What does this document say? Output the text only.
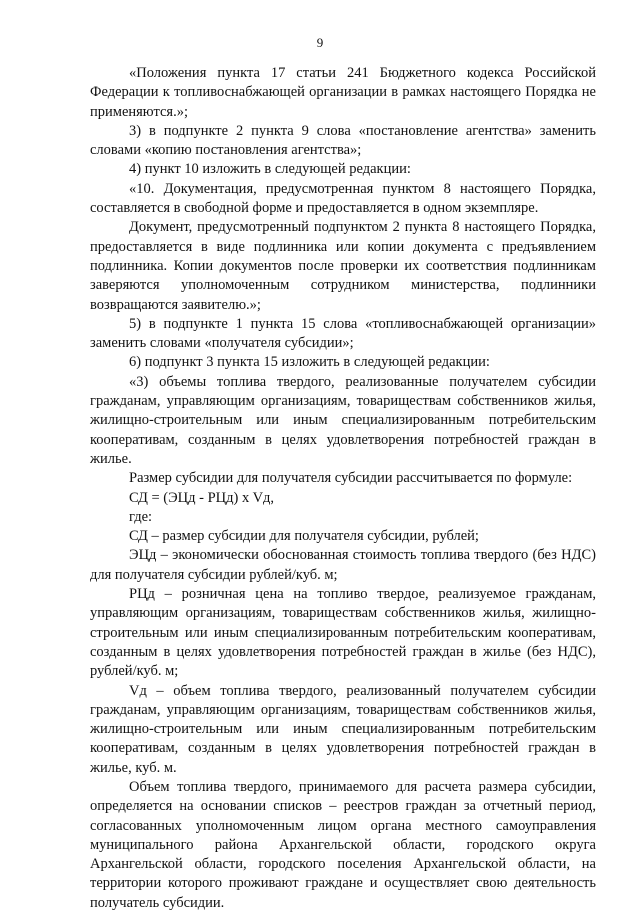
9

«Положения пункта 17 статьи 241 Бюджетного кодекса Российской Федерации к топливоснабжающей организации в рамках настоящего Порядка не применяются.»;

3) в подпункте 2 пункта 9 слова «постановление агентства» заменить словами «копию постановления агентства»;

4) пункт 10 изложить в следующей редакции:

«10. Документация, предусмотренная пунктом 8 настоящего Порядка, составляется в свободной форме и предоставляется в одном экземпляре.

Документ, предусмотренный подпунктом 2 пункта 8 настоящего Порядка, предоставляется в виде подлинника или копии документа с предъявлением подлинника. Копии документов после проверки их соответствия подлинникам заверяются уполномоченным сотрудником министерства, подлинники возвращаются заявителю.»;

5) в подпункте 1 пункта 15 слова «топливоснабжающей организации» заменить словами «получателя субсидии»;

6) подпункт 3 пункта 15 изложить в следующей редакции:

«3) объемы топлива твердого, реализованные получателем субсидии гражданам, управляющим организациям, товариществам собственников жилья, жилищно-строительным или иным специализированным потребительским кооперативам, созданным в целях удовлетворения потребностей граждан в жилье.

Размер субсидии для получателя субсидии рассчитывается по формуле:

СД = (ЭЦд - РЦд) x Vд,

где:

СД – размер субсидии для получателя субсидии, рублей;

ЭЦд – экономически обоснованная стоимость топлива твердого (без НДС) для получателя субсидии рублей/куб. м;

РЦд – розничная цена на топливо твердое, реализуемое гражданам, управляющим организациям, товариществам собственников жилья, жилищно-строительным или иным специализированным потребительским кооперативам, созданным в целях удовлетворения потребностей граждан в жилье (без НДС), рублей/куб. м;

Vд – объем топлива твердого, реализованный получателем субсидии гражданам, управляющим организациям, товариществам собственников жилья, жилищно-строительным или иным специализированным потребительским кооперативам, созданным в целях удовлетворения потребностей граждан в жилье, куб. м.

Объем топлива твердого, принимаемого для расчета размера субсидии, определяется на основании списков – реестров граждан за отчетный период, согласованных уполномоченным лицом органа местного самоуправления муниципального района Архангельской области, городского округа Архангельской области, городского поселения Архангельской области, на территории которого проживают граждане и осуществляет свою деятельность получатель субсидии.
